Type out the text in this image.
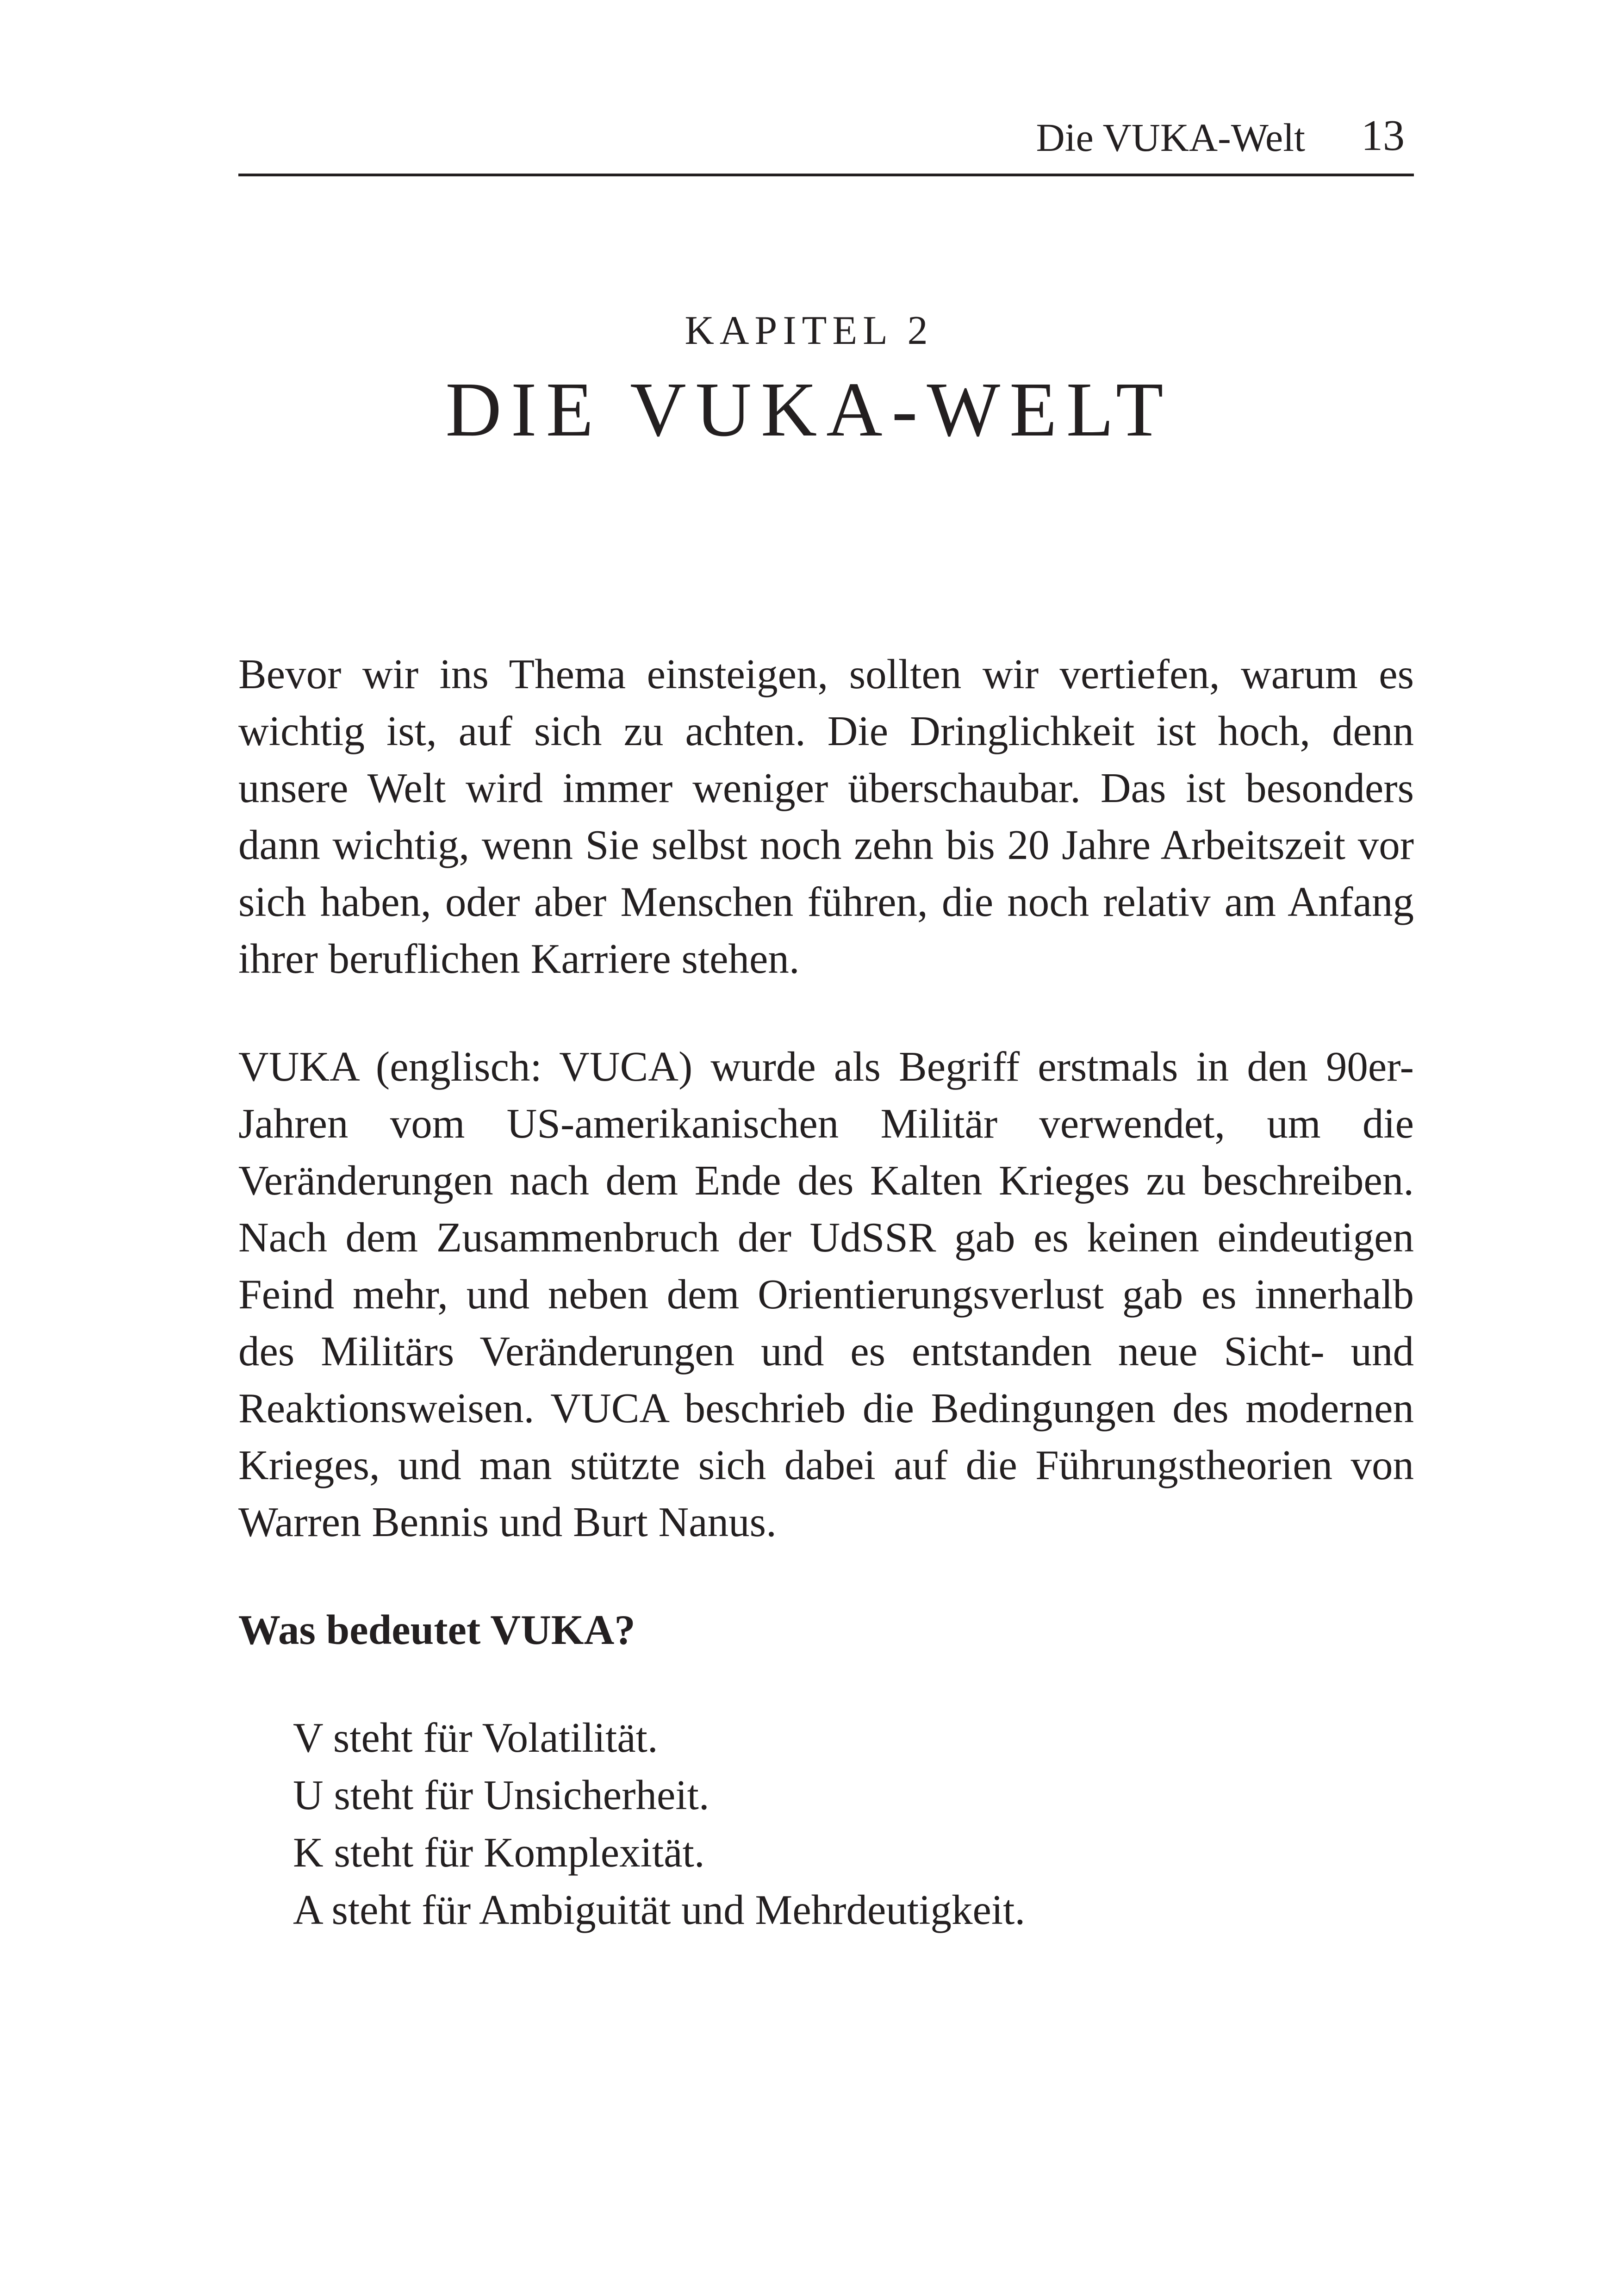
Die VUKA-Welt 13
KAPITEL 2
DIE VUKA-WELT

Bevor wir ins Thema einsteigen, sollten wir vertiefen, warum es wichtig ist, auf sich zu achten. Die Dringlichkeit ist hoch, denn unsere Welt wird immer weniger überschaubar. Das ist besonders dann wichtig, wenn Sie selbst noch zehn bis 20 Jahre Arbeitszeit vor sich haben, oder aber Menschen führen, die noch relativ am Anfang ihrer beruflichen Karriere stehen.

VUKA (englisch: VUCA) wurde als Begriff erstmals in den 90er-Jahren vom US-amerikanischen Militär verwendet, um die Veränderungen nach dem Ende des Kalten Krieges zu beschreiben. Nach dem Zusammenbruch der UdSSR gab es keinen eindeutigen Feind mehr, und neben dem Orientierungsverlust gab es innerhalb des Militärs Veränderungen und es entstanden neue Sicht- und Reaktionsweisen. VUCA beschrieb die Bedingungen des modernen Krieges, und man stützte sich dabei auf die Führungstheorien von Warren Bennis und Burt Nanus.

Was bedeutet VUKA?
V steht für Volatilität.
U steht für Unsicherheit.
K steht für Komplexität.
A steht für Ambiguität und Mehrdeutigkeit.
